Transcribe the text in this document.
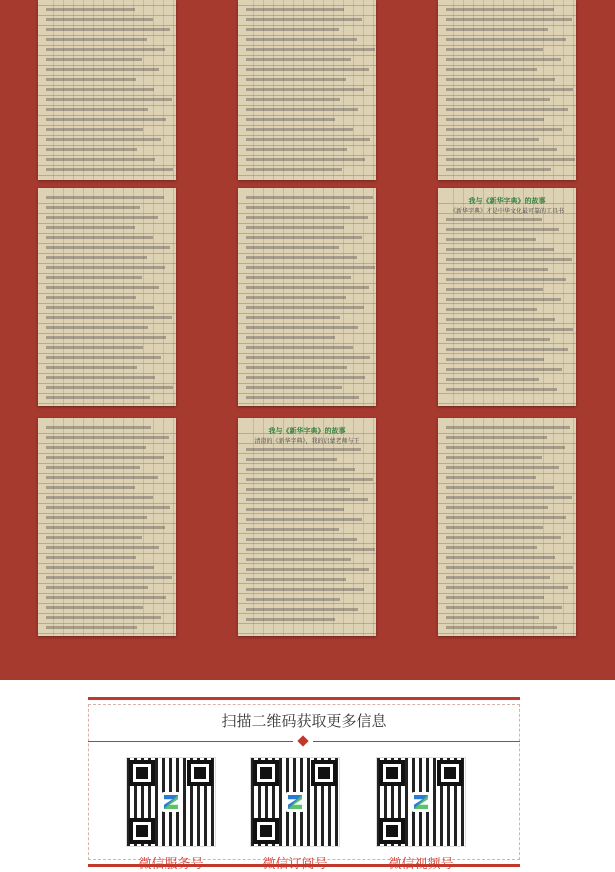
我与《新华字典》的故事
《新华字典》才是中华文化最可靠的工具书
我与《新华字典》的故事
清澄的《新华字典》，我的启蒙老师与王
扫描二维码获取更多信息
